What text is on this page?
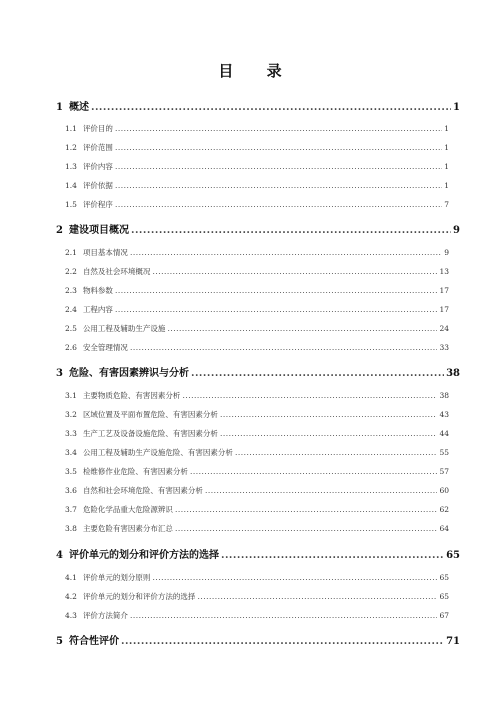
目 录
1 概述 .....	1
1.1 评价目的 .....	1
1.2 评价范围 .....	1
1.3 评价内容 .....	1
1.4 评价依据 .....	1
1.5 评价程序 .....	7
2 建设项目概况 .....	9
2.1 项目基本情况 .....	9
2.2 自然及社会环境概况 .....	13
2.3 物料参数 .....	17
2.4 工程内容 .....	17
2.5 公用工程及辅助生产设施 .....	24
2.6 安全管理情况 .....	33
3 危险、有害因素辨识与分析 .....	38
3.1 主要物质危险、有害因素分析 .....	38
3.2 区域位置及平面布置危险、有害因素分析 .....	43
3.3 生产工艺及设备设施危险、有害因素分析 .....	44
3.4 公用工程及辅助生产设施危险、有害因素分析 .....	55
3.5 检维修作业危险、有害因素分析 .....	57
3.6 自然和社会环境危险、有害因素分析 .....	60
3.7 危险化学品重大危险源辨识 .....	62
3.8 主要危险有害因素分布汇总 .....	64
4 评价单元的划分和评价方法的选择 .....	65
4.1 评价单元的划分原则 .....	65
4.2 评价单元的划分和评价方法的选择 .....	65
4.3 评价方法简介 .....	67
5 符合性评价 .....	71
